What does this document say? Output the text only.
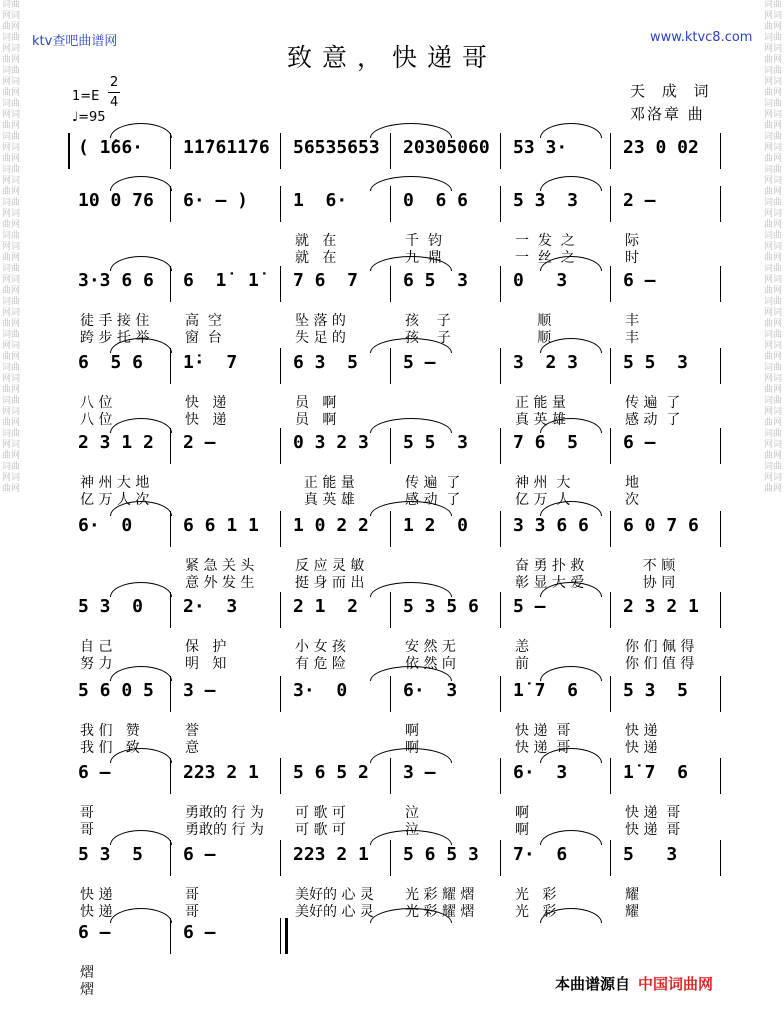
词曲网词曲网词曲网词曲网词曲网词曲网词曲网词曲网词曲网词曲网词曲网词曲网词曲网词曲网词曲网词曲网词曲网词曲网词曲网词曲网词曲网词曲网词曲网词曲网词曲网词曲网词曲网词曲网词曲网词曲网
词曲网词曲网词曲网词曲网词曲网词曲网词曲网词曲网词曲网词曲网词曲网词曲网词曲网词曲网词曲网词曲网词曲网词曲网词曲网词曲网词曲网词曲网词曲网词曲网词曲网词曲网词曲网词曲网词曲网词曲网
ktv查吧曲谱网	www.ktvc8.com
致意，快递哥
1=E
2
4
♩=95
天 成 词
邓洛章 曲
( 1̇66· 1̇1̇761̇1̇76 56535653 20305060 53 3·	23 0 02
10 0 76 6· – ) 1  6·	0  6 6 5 3  3 2 –
就   在	千  钧	一  发  之	际
就   在	九  鼎	一  丝  之	时
3·3 6 6 6  1̇  1̇ 7 6  7 6 5  3 0   3	6 –
徒 手 接 住	高  空	坠 落 的	孩    子	顺	丰
跨 步 托 举	窗  台	失 足 的	孩    子	顺	丰
6  5 6 1̇·  7	6 3  5 5 –	3  2 3 5 5  3
八 位	快   递	员   啊	正 能 量	传 遍  了
八 位	快   递	员   啊	真 英 雄	感 动  了
2 3 1 2 2 –	0 3 2 3 5 5  3 7 6  5 6 –
神 州 大 地	正 能 量	传 遍  了	神 州  大	地
亿 万 人 次	真 英 雄	感 动  了	亿 万  人	次
6·  0	6 6 1 1 1 0 2 2 1 2  0 3 3 6 6 6 0 7 6
紧 急 关 头	反 应 灵 敏	奋 勇 扑 救	不 顾
意 外 发 生	挺 身 而 出	彰 显 大 爱	协 同
5 3  0 2·  3	2 1  2 5 3 5 6 5 –	2 3 2 1
自 己	保   护	小 女 孩	安 然 无	恙	你 们 佩 得
努 力	明   知	有 危 险	依 然 向	前	你 们 值 得
5 6 0 5 3 –	3·  0	6·  3	1̇ 7  6 5 3  5
我 们   赞	誉	啊	快 递  哥	快 递
我 们   致	意	啊	快 递  哥	快 递
6 –	223 2 1 5 6 5 2 3 –	6·  3	1̇ 7  6
哥	勇敢的 行 为 可 歌 可	泣	啊	快 递  哥
哥	勇敢的 行 为 可 歌 可	泣	啊	快 递  哥
5 3  5 6 –	223 2 1 5 6 5 3 7·  6	5   3
快 递	哥	美好的 心 灵 光 彩 耀 熠	光   彩	耀
快 递	哥	美好的 心 灵 光 彩 耀 熠	光   彩	耀
6 –	6 –
熠
熠	本曲谱源自 中国词曲网
